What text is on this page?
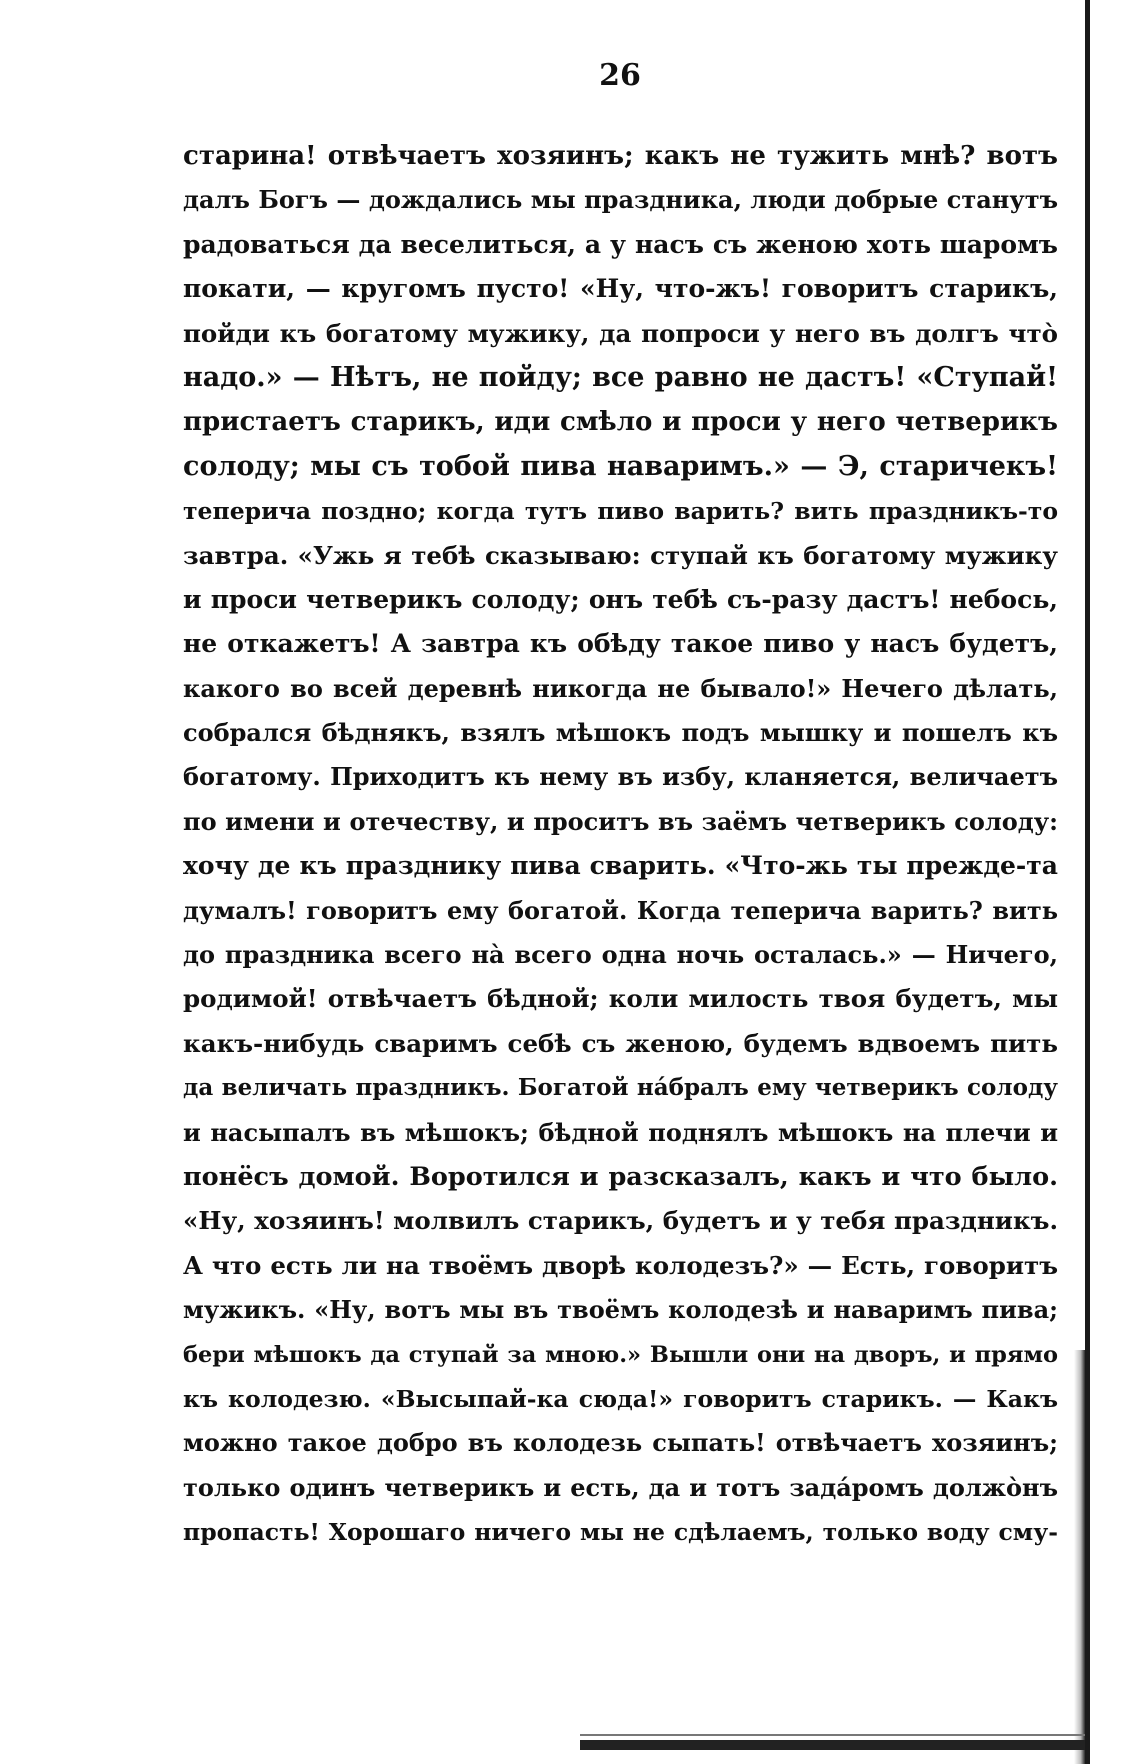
26
старина! отвѣчаетъ хозяинъ; какъ не тужить мнѣ? вотъ
далъ Богъ — дождались мы праздника, люди добрые станутъ
радоваться да веселиться, а у насъ съ женою хоть шаромъ
покати, — кругомъ пусто! «Ну, что-жъ! говоритъ старикъ,
пойди къ богатому мужику, да попроси у него въ долгъ что̀
надо.» — Нѣтъ, не пойду; все равно не дастъ! «Ступай!
пристаетъ старикъ, иди смѣло и проси у него четверикъ
солоду; мы съ тобой пива наваримъ.» — Э, старичекъ!
теперича поздно; когда тутъ пиво варить? вить праздникъ-то
завтра. «Ужь я тебѣ сказываю: ступай къ богатому мужику
и проси четверикъ солоду; онъ тебѣ съ-разу дастъ! небось,
не откажетъ! А завтра къ обѣду такое пиво у насъ будетъ,
какого во всей деревнѣ никогда не бывало!» Нечего дѣлать,
собрался бѣднякъ, взялъ мѣшокъ подъ мышку и пошелъ къ
богатому. Приходитъ къ нему въ избу, кланяется, величаетъ
по имени и отечеству, и проситъ въ заёмъ четверикъ солоду:
хочу де къ празднику пива сварить. «Что-жь ты прежде-та
думалъ! говоритъ ему богатой. Когда теперича варить? вить
до праздника всего на̀ всего одна ночь осталась.» — Ничего,
родимой! отвѣчаетъ бѣдной; коли милость твоя будетъ, мы
какъ-нибудь сваримъ себѣ съ женою, будемъ вдвоемъ пить
да величать праздникъ. Богатой на́бралъ ему четверикъ солоду
и насыпалъ въ мѣшокъ; бѣдной поднялъ мѣшокъ на плечи и
понёсъ домой. Воротился и разсказалъ, какъ и что было.
«Ну, хозяинъ! молвилъ старикъ, будетъ и у тебя праздникъ.
А что есть ли на твоёмъ дворѣ колодезъ?» — Есть, говоритъ
мужикъ. «Ну, вотъ мы въ твоёмъ колодезѣ и наваримъ пива;
бери мѣшокъ да ступай за мною.» Вышли они на дворъ, и прямо
къ колодезю. «Высыпай-ка сюда!» говоритъ старикъ. — Какъ
можно такое добро въ колодезь сыпать! отвѣчаетъ хозяинъ;
только одинъ четверикъ и есть, да и тотъ зада́ромъ должо̀нъ
пропасть! Хорошаго ничего мы не сдѣлаемъ, только воду сму-
